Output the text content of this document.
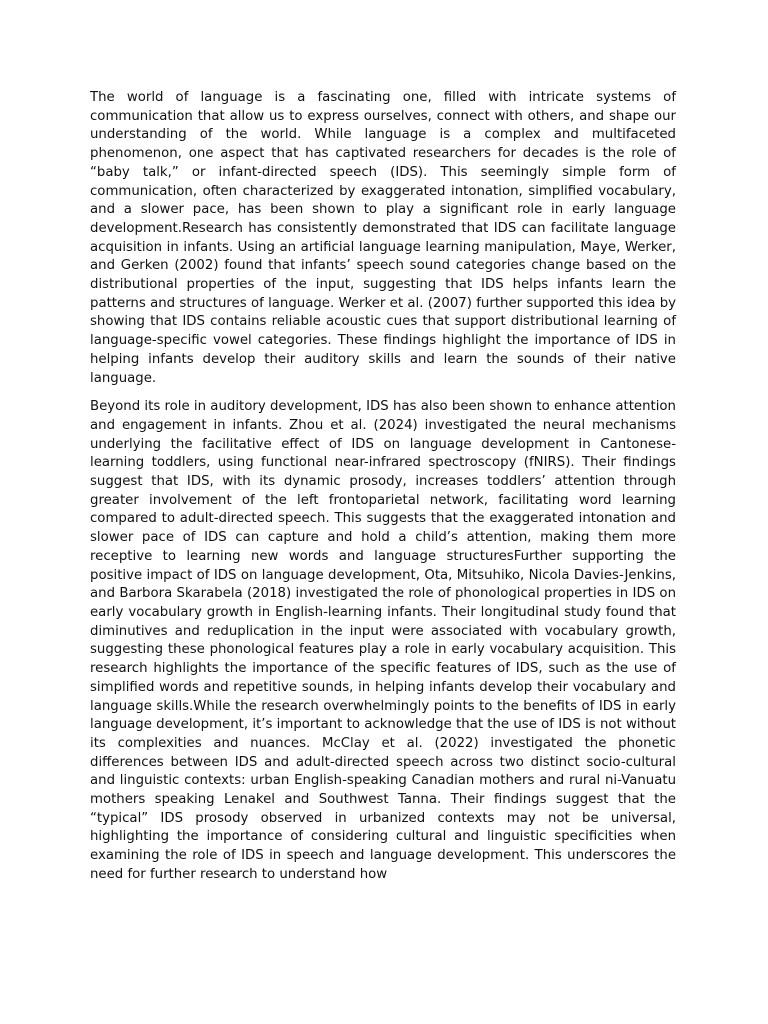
The world of language is a fascinating one, filled with intricate systems of communication that allow us to express ourselves, connect with others, and shape our understanding of the world. While language is a complex and multifaceted phenomenon, one aspect that has captivated researchers for decades is the role of “baby talk,” or infant-directed speech (IDS). This seemingly simple form of communication, often characterized by exaggerated intonation, simplified vocabulary, and a slower pace, has been shown to play a significant role in early language development.Research has consistently demonstrated that IDS can facilitate language acquisition in infants. Using an artificial language learning manipulation, Maye, Werker, and Gerken (2002) found that infants’ speech sound categories change based on the distributional properties of the input, suggesting that IDS helps infants learn the patterns and structures of language. Werker et al. (2007) further supported this idea by showing that IDS contains reliable acoustic cues that support distributional learning of language-specific vowel categories. These findings highlight the importance of IDS in helping infants develop their auditory skills and learn the sounds of their native language.

Beyond its role in auditory development, IDS has also been shown to enhance attention and engagement in infants. Zhou et al. (2024) investigated the neural mechanisms underlying the facilitative effect of IDS on language development in Cantonese-learning toddlers, using functional near-infrared spectroscopy (fNIRS). Their findings suggest that IDS, with its dynamic prosody, increases toddlers’ attention through greater involvement of the left frontoparietal network, facilitating word learning compared to adult-directed speech. This suggests that the exaggerated intonation and slower pace of IDS can capture and hold a child’s attention, making them more receptive to learning new words and language structuresFurther supporting the positive impact of IDS on language development, Ota, Mitsuhiko, Nicola Davies-Jenkins, and Barbora Skarabela (2018) investigated the role of phonological properties in IDS on early vocabulary growth in English-learning infants. Their longitudinal study found that diminutives and reduplication in the input were associated with vocabulary growth, suggesting these phonological features play a role in early vocabulary acquisition. This research highlights the importance of the specific features of IDS, such as the use of simplified words and repetitive sounds, in helping infants develop their vocabulary and language skills.While the research overwhelmingly points to the benefits of IDS in early language development, it’s important to acknowledge that the use of IDS is not without its complexities and nuances. McClay et al. (2022) investigated the phonetic differences between IDS and adult-directed speech across two distinct socio-cultural and linguistic contexts: urban English-speaking Canadian mothers and rural ni-Vanuatu mothers speaking Lenakel and Southwest Tanna. Their findings suggest that the “typical” IDS prosody observed in urbanized contexts may not be universal, highlighting the importance of considering cultural and linguistic specificities when examining the role of IDS in speech and language development. This underscores the need for further research to understand how
